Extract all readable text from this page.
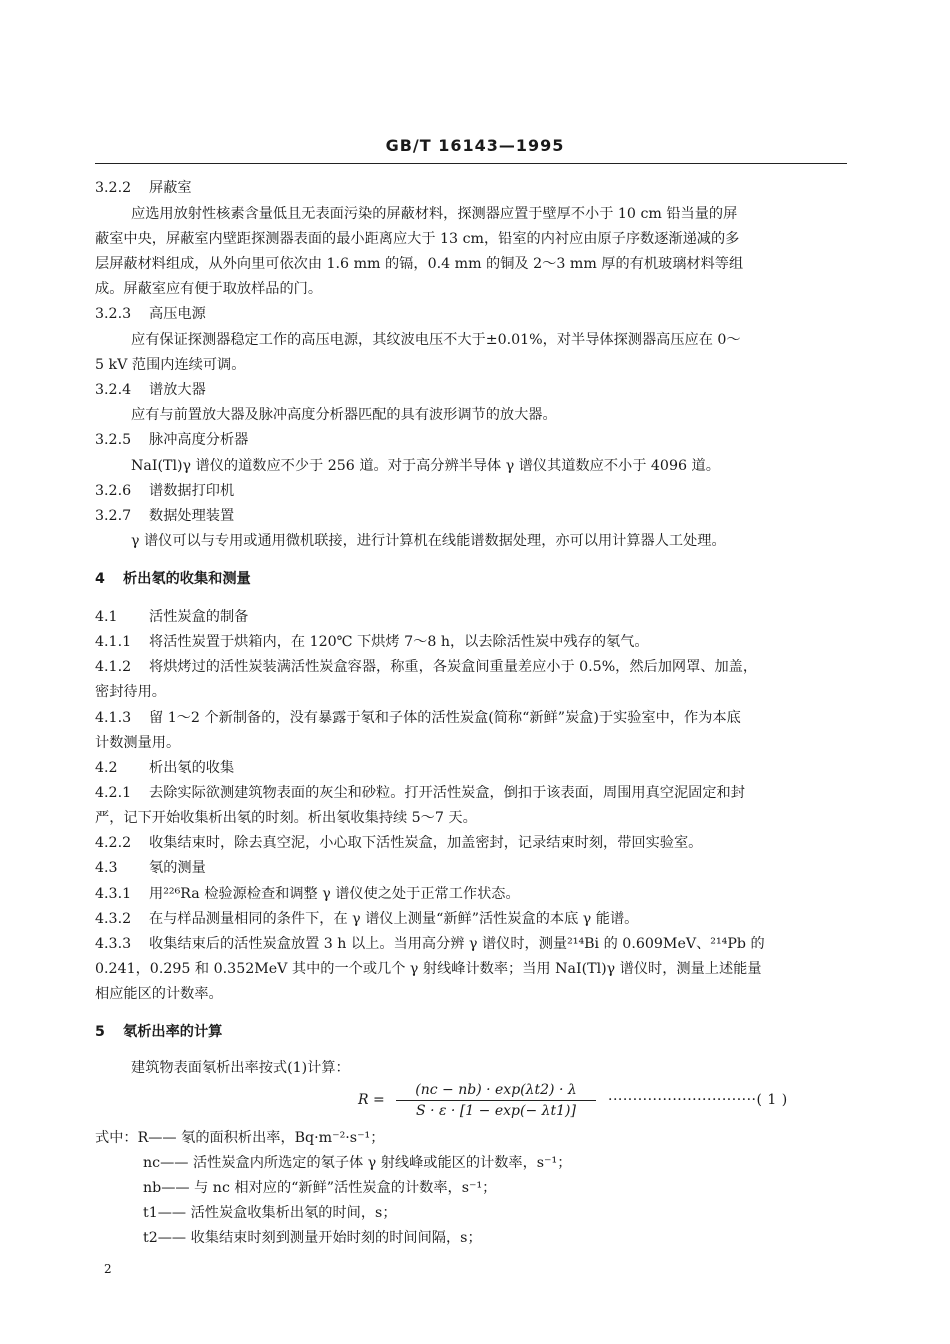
GB/T 16143—1995
3.2.2 屏蔽室
应选用放射性核素含量低且无表面污染的屏蔽材料，探测器应置于壁厚不小于 10 cm 铅当量的屏
蔽室中央，屏蔽室内壁距探测器表面的最小距离应大于 13 cm，铅室的内衬应由原子序数逐渐递减的多
层屏蔽材料组成，从外向里可依次由 1.6 mm 的镉，0.4 mm 的铜及 2～3 mm 厚的有机玻璃材料等组
成。屏蔽室应有便于取放样品的门。
3.2.3 高压电源
应有保证探测器稳定工作的高压电源，其纹波电压不大于±0.01%，对半导体探测器高压应在 0～
5 kV 范围内连续可调。
3.2.4 谱放大器
应有与前置放大器及脉冲高度分析器匹配的具有波形调节的放大器。
3.2.5 脉冲高度分析器
NaI(Tl)γ 谱仪的道数应不少于 256 道。对于高分辨半导体 γ 谱仪其道数应不小于 4096 道。
3.2.6 谱数据打印机
3.2.7 数据处理装置
γ 谱仪可以与专用或通用微机联接，进行计算机在线能谱数据处理，亦可以用计算器人工处理。
4 析出氡的收集和测量
4.1 活性炭盒的制备
4.1.1 将活性炭置于烘箱内，在 120℃ 下烘烤 7～8 h，以去除活性炭中残存的氡气。
4.1.2 将烘烤过的活性炭装满活性炭盒容器，称重，各炭盒间重量差应小于 0.5%，然后加网罩、加盖，
密封待用。
4.1.3 留 1～2 个新制备的，没有暴露于氡和子体的活性炭盒(简称“新鲜”炭盒)于实验室中，作为本底
计数测量用。
4.2 析出氡的收集
4.2.1 去除实际欲测建筑物表面的灰尘和砂粒。打开活性炭盒，倒扣于该表面，周围用真空泥固定和封
严，记下开始收集析出氡的时刻。析出氡收集持续 5～7 天。
4.2.2 收集结束时，除去真空泥，小心取下活性炭盒，加盖密封，记录结束时刻，带回实验室。
4.3 氡的测量
4.3.1 用²²⁶Ra 检验源检查和调整 γ 谱仪使之处于正常工作状态。
4.3.2 在与样品测量相同的条件下，在 γ 谱仪上测量“新鲜”活性炭盒的本底 γ 能谱。
4.3.3 收集结束后的活性炭盒放置 3 h 以上。当用高分辨 γ 谱仪时，测量²¹⁴Bi 的 0.609MeV、²¹⁴Pb 的
0.241，0.295 和 0.352MeV 其中的一个或几个 γ 射线峰计数率；当用 NaI(Tl)γ 谱仪时，测量上述能量
相应能区的计数率。
5 氡析出率的计算
建筑物表面氡析出率按式(1)计算：
R =
(nc − nb) · exp(λt2) · λ
S · ε · [1 − exp(− λt1)]
······························( 1 )
式中：R—— 氡的面积析出率，Bq·m⁻²·s⁻¹；
nc—— 活性炭盒内所选定的氡子体 γ 射线峰或能区的计数率，s⁻¹；
nb—— 与 nc 相对应的“新鲜”活性炭盒的计数率，s⁻¹；
t1—— 活性炭盒收集析出氡的时间，s；
t2—— 收集结束时刻到测量开始时刻的时间间隔，s；
2
